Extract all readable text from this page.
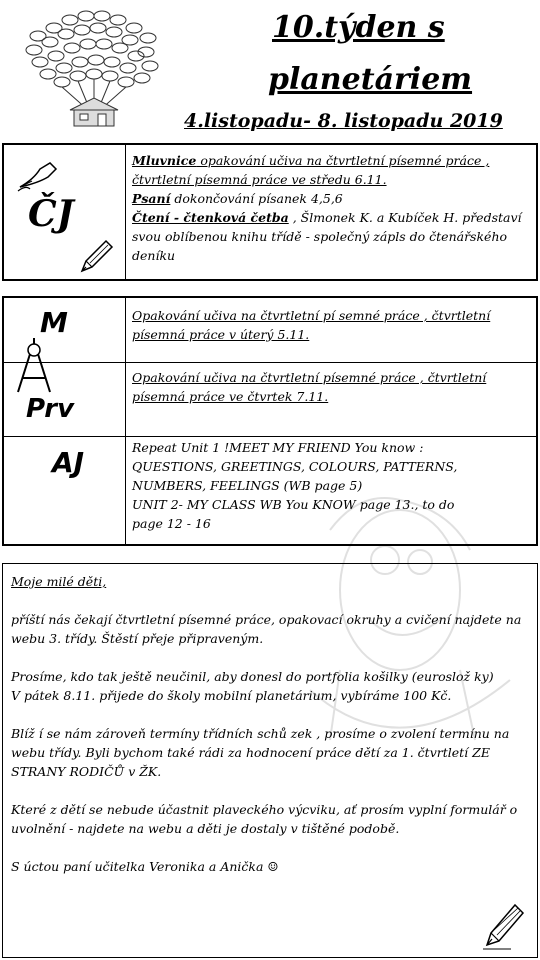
10.týden s
planetáriem
4.listopadu- 8. listopadu 2019
ČJ
Mluvnice opakování učiva na čtvrtletní písemné práce , čtvrtletní písemná práce ve středu 6.11.
Psaní dokončování písanek 4,5,6
Čtení - čtenková četba , Šlmonek K. a Kubíček H. představí svou oblíbenou knihu třídě - společný zápls do čtenářského deníku
M	Opakování učiva na čtvrtletní pí semné práce , čtvrtletní písemná práce v úterý 5.11.
Prv
Opakování učiva na čtvrtletní písemné práce , čtvrtletní písemná práce ve čtvrtek 7.11.
AJ	Repeat Unit 1 !MEET MY FRIEND You know :
QUESTIONS, GREETINGS, COLOURS, PATTERNS,
NUMBERS, FEELINGS (WB page 5)
UNIT 2- MY CLASS WB You KNOW page 13., to do
page 12 - 16

Moje milé děti,

příští nás čekají čtvrtletní písemné práce, opakovací okruhy a cvičení najdete na webu 3. třídy. Štěstí přeje připraveným.

Prosíme, kdo tak ještě neučinil, aby donesl do portfolia košilky (euroslož ky)

V pátek 8.11. přijede do školy mobilní planetárium, vybíráme 100 Kč.

Blíž í se nám zároveň termíny třídních schů zek , prosíme o zvolení termínu na webu třídy. Byli bychom také rádi za hodnocení práce dětí za 1. čtvrtletí ZE STRANY RODIČŮ v ŽK.

Které z dětí se nebude účastnit plaveckého výcviku, ať prosím vyplní formulář o uvolnění - najdete na webu a děti je dostaly v tištěné podobě.

S úctou paní učitelka Veronika a Anička ☺
